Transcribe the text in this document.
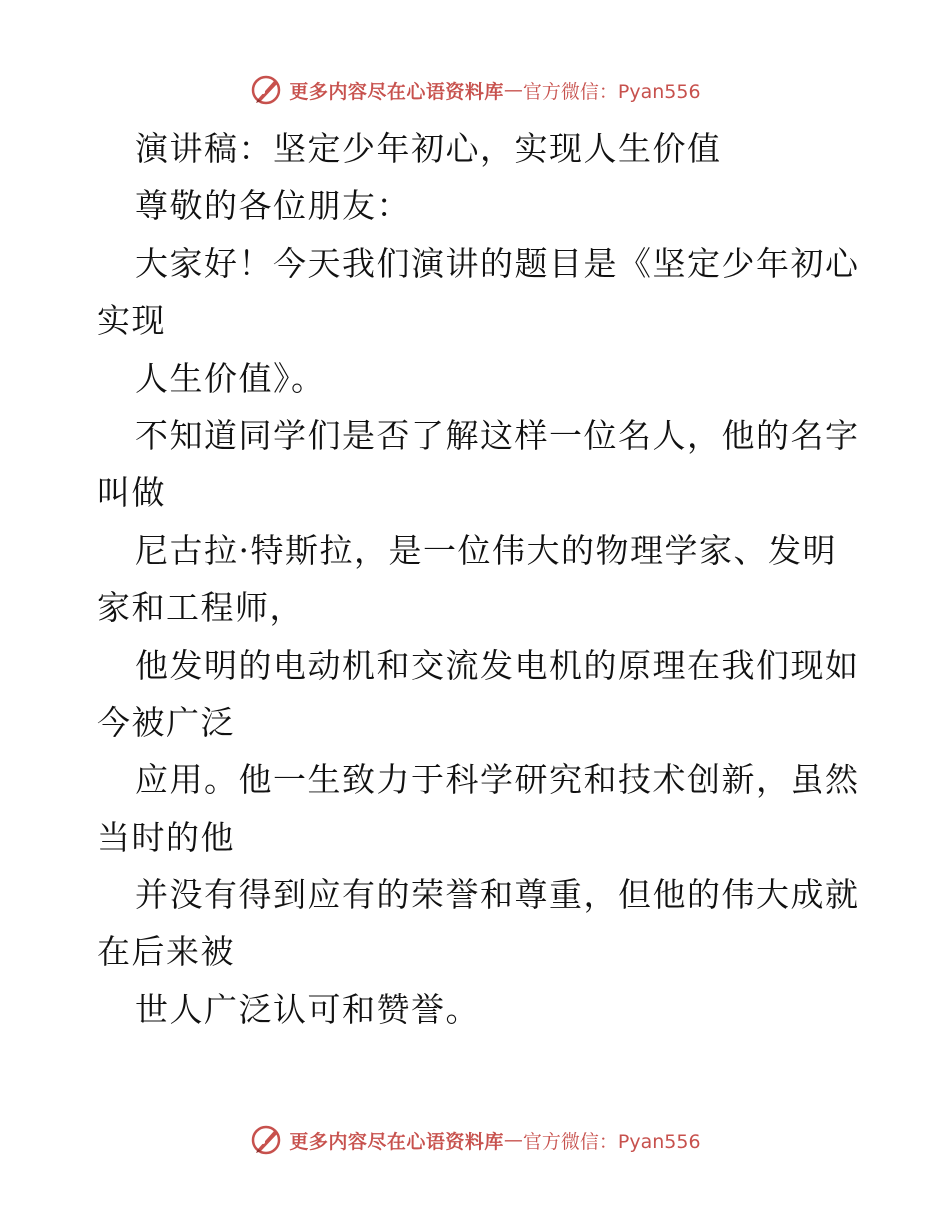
更多内容尽在心语资料库 — 官方微信：Pyan556
演讲稿：坚定少年初心，实现人生价值
尊敬的各位朋友：
大家好！今天我们演讲的题目是《坚定少年初心
实现
人生价值》。
不知道同学们是否了解这样一位名人，他的名字
叫做
尼古拉·特斯拉，是一位伟大的物理学家、发明
家和工程师，
他发明的电动机和交流发电机的原理在我们现如
今被广泛
应用。他一生致力于科学研究和技术创新，虽然
当时的他
并没有得到应有的荣誉和尊重，但他的伟大成就
在后来被
世人广泛认可和赞誉。
更多内容尽在心语资料库 — 官方微信：Pyan556
